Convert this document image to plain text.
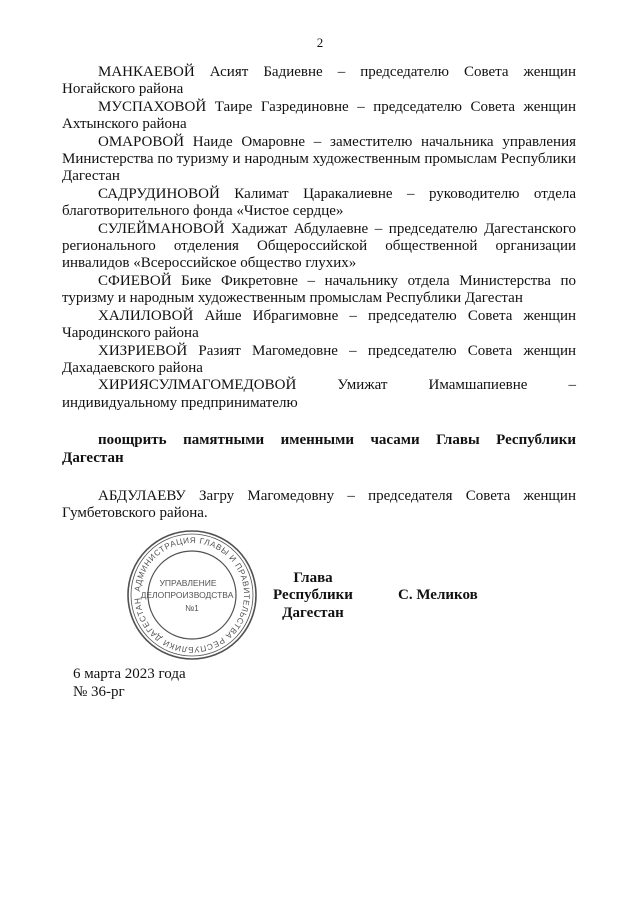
2
МАНКАЕВОЙ Асият Бадиевне – председателю Совета женщин
Ногайского района
МУСПАХОВОЙ Таире Газрединовне – председателю Совета женщин
Ахтынского района
ОМАРОВОЙ Наиде Омаровне – заместителю начальника управления
Министерства по туризму и народным художественным промыслам Республики Дагестан
САДРУДИНОВОЙ Калимат Царакалиевне – руководителю отдела
благотворительного фонда «Чистое сердце»
СУЛЕЙМАНОВОЙ Хадижат Абдулаевне – председателю Дагестанского
регионального отделения Общероссийской общественной организации инвалидов «Всероссийское общество глухих»
СФИЕВОЙ Бике Фикретовне – начальнику отдела Министерства по
туризму и народным художественным промыслам Республики Дагестан
ХАЛИЛОВОЙ Айше Ибрагимовне – председателю Совета женщин
Чародинского района
ХИЗРИЕВОЙ Разият Магомедовне – председателю Совета женщин
Дахадаевского района
ХИРИЯСУЛМАГОМЕДОВОЙ Умижат Имамшапиевне –
индивидуальному предпринимателю
поощрить памятными именными часами Главы Республики
Дагестан
АБДУЛАЕВУ Загру Магомедовну – председателя Совета женщин
Гумбетовского района.
АДМИНИСТРАЦИЯ ГЛАВЫ И ПРАВИТЕЛЬСТВА РЕСПУБЛИКИ ДАГЕСТАН
УПРАВЛЕНИЕ
ДЕЛОПРОИЗВОДСТВА
№1
Глава
Республики Дагестан
С. Меликов
6 марта 2023 года
№ 36-рг
